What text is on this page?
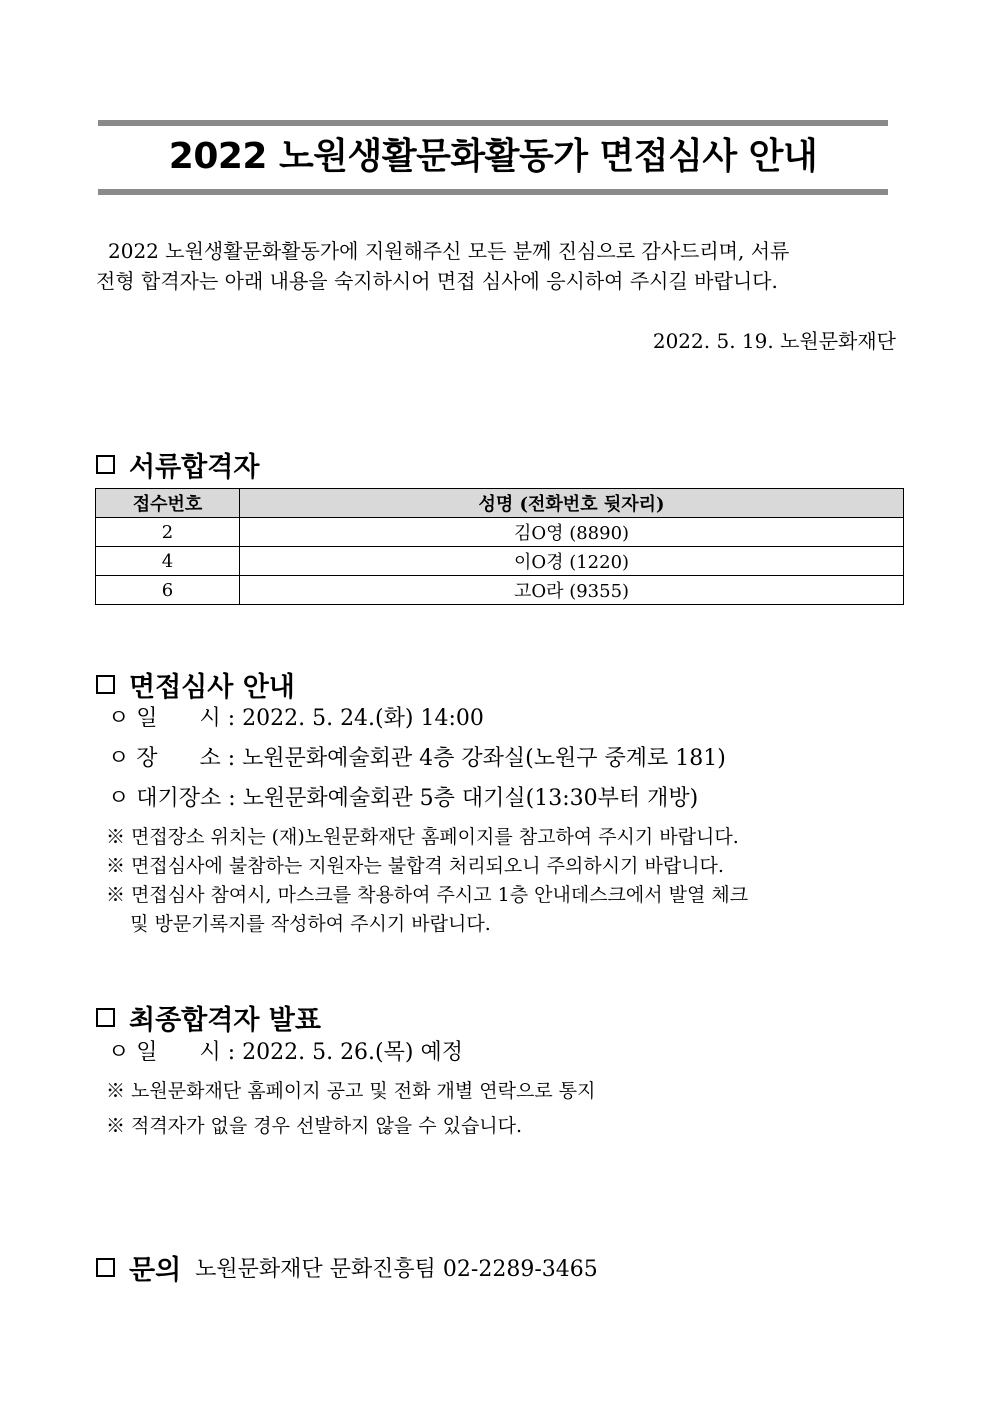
2022 노원생활문화활동가 면접심사 안내

2022 노원생활문화활동가에 지원해주신 모든 분께 진심으로 감사드리며, 서류

전형 합격자는 아래 내용을 숙지하시어 면접 심사에 응시하여 주시길 바랍니다.

2022. 5. 19. 노원문화재단
서류합격자
접수번호	성명 (전화번호 뒷자리)
2	김O영 (8890)
4	이O경 (1220)
6	고O라 (9355)
면접심사 안내
ㅇ 일      시 : 2022. 5. 24.(화) 14:00
ㅇ 장      소 : 노원문화예술회관 4층 강좌실(노원구 중계로 181)
ㅇ 대기장소 : 노원문화예술회관 5층 대기실(13:30부터 개방)
※ 면접장소 위치는 (재)노원문화재단 홈페이지를 참고하여 주시기 바랍니다.
※ 면접심사에 불참하는 지원자는 불합격 처리되오니 주의하시기 바랍니다.
※ 면접심사 참여시, 마스크를 착용하여 주시고 1층 안내데스크에서 발열 체크
및 방문기록지를 작성하여 주시기 바랍니다.
최종합격자 발표
ㅇ 일      시 : 2022. 5. 26.(목) 예정
※ 노원문화재단 홈페이지 공고 및 전화 개별 연락으로 통지
※ 적격자가 없을 경우 선발하지 않을 수 있습니다.
문의 노원문화재단 문화진흥팀 02-2289-3465
